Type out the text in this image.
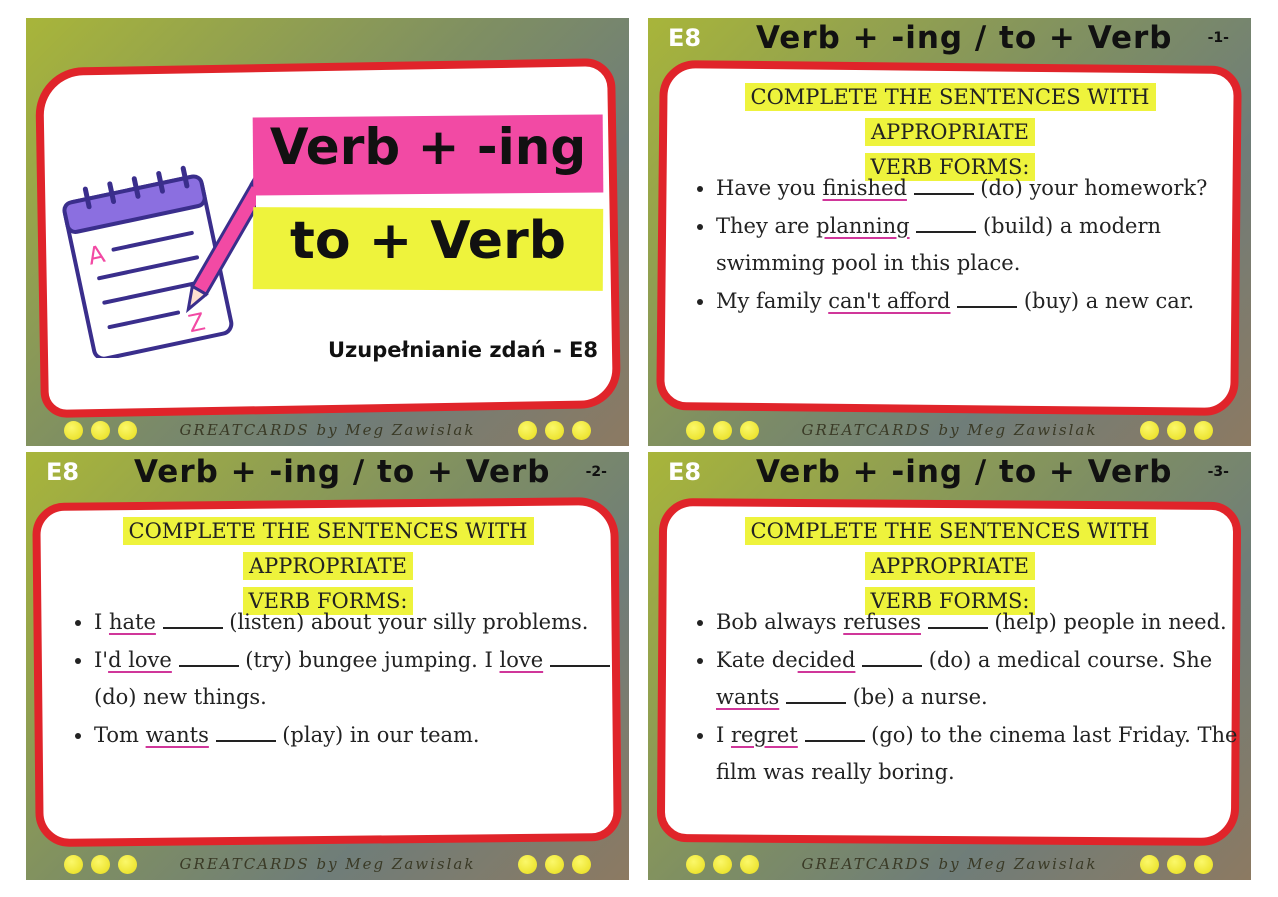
A
Z
Verb + -ing
to + Verb
Uzupełnianie zdań - E8
GREATCARDS by Meg Zawislak
E8 Verb + -ing / to + Verb	-1-
COMPLETE THE SENTENCES WITH APPROPRIATE
VERB FORMS:
• Have you finished	(do) your homework?
• They are planning	(build) a modern swimming pool in this place.
• My family can't afford	(buy) a new car.
GREATCARDS by Meg Zawislak
E8 Verb + -ing / to + Verb	-2-
COMPLETE THE SENTENCES WITH APPROPRIATE
VERB FORMS:
• I hate	(listen) about your silly problems.
• I'd love	(try) bungee jumping. I love  (do) new things.
• Tom wants	(play) in our team.
GREATCARDS by Meg Zawislak
E8 Verb + -ing / to + Verb	-3-
COMPLETE THE SENTENCES WITH APPROPRIATE
VERB FORMS:
• Bob always refuses	(help) people in need.
• Kate decided	(do) a medical course. She wants	(be) a nurse.
• I regret	(go) to the cinema last Friday. The film was really boring.
GREATCARDS by Meg Zawislak
